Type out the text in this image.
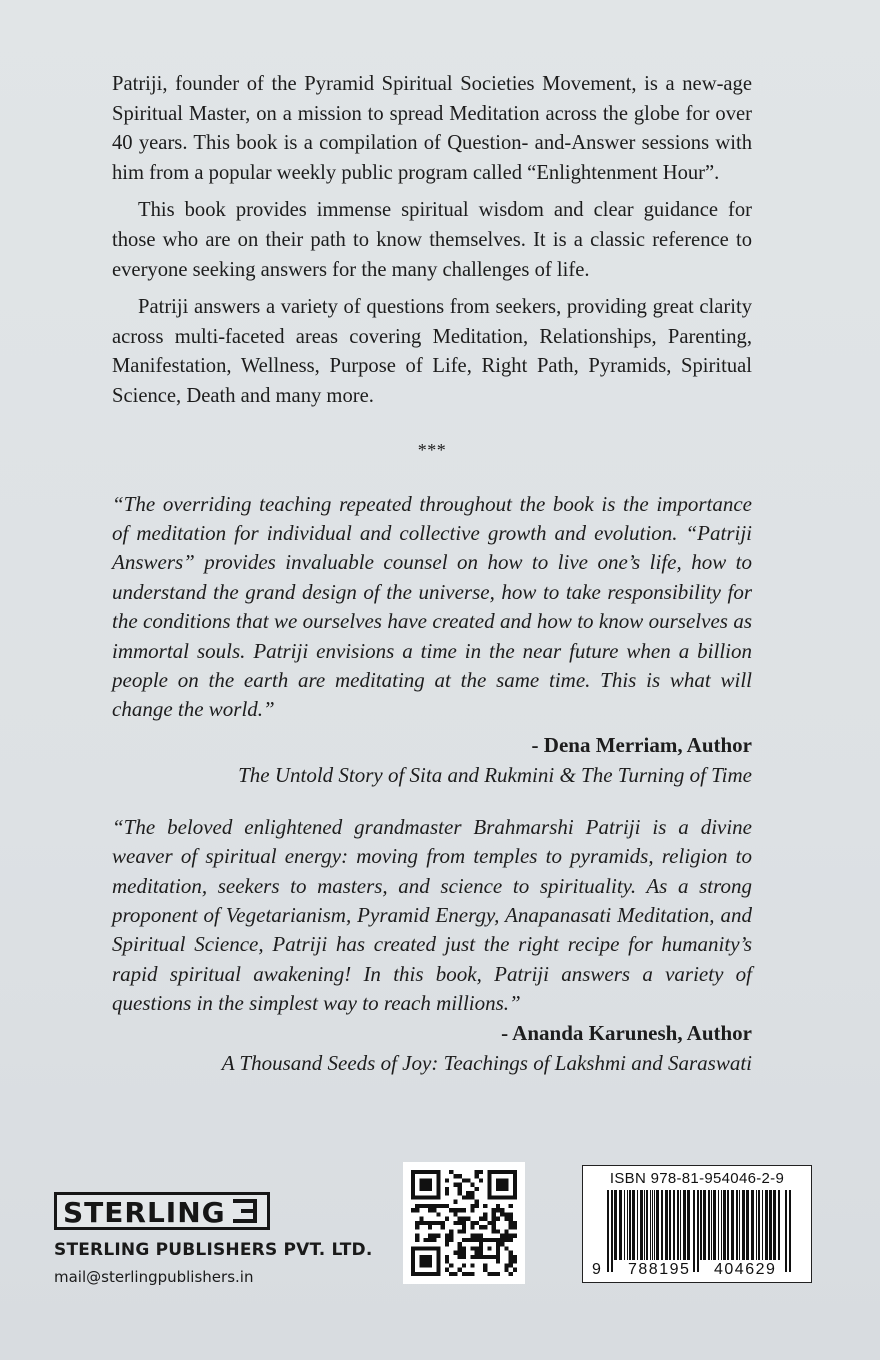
Patriji, founder of the Pyramid Spiritual Societies Movement, is a new-age Spiritual Master, on a mission to spread Meditation across the globe for over 40 years. This book is a compilation of Question- and-Answer sessions with him from a popular weekly public program called “Enlightenment Hour”.

This book provides immense spiritual wisdom and clear guidance for those who are on their path to know themselves. It is a classic reference to everyone seeking answers for the many challenges of life.

Patriji answers a variety of questions from seekers, providing great clarity across multi-faceted areas covering Meditation, Relationships, Parenting, Manifestation, Wellness, Purpose of Life, Right Path, Pyramids, Spiritual Science, Death and many more.

***

“The overriding teaching repeated throughout the book is the importance of meditation for individual and collective growth and evolution. “Patriji Answers” provides invaluable counsel on how to live one’s life, how to understand the grand design of the universe, how to take responsibility for the conditions that we ourselves have created and how to know ourselves as immortal souls. Patriji envisions a time in the near future when a billion people on the earth are meditating at the same time. This is what will change the world.”

- Dena Merriam, Author

The Untold Story of Sita and Rukmini & The Turning of Time

“The beloved enlightened grandmaster Brahmarshi Patriji is a divine weaver of spiritual energy: moving from temples to pyramids, religion to meditation, seekers to masters, and science to spirituality. As a strong proponent of Vegetarianism, Pyramid Energy, Anapanasati Meditation, and Spiritual Science, Patriji has created just the right recipe for humanity’s rapid spiritual awakening! In this book, Patriji answers a variety of questions in the simplest way to reach millions.”

- Ananda Karunesh, Author

A Thousand Seeds of Joy: Teachings of Lakshmi and Saraswati

STERLING
STERLING PUBLISHERS PVT. LTD.
mail@sterlingpublishers.in
ISBN 978-81-954046-2-9
9 788195 404629
